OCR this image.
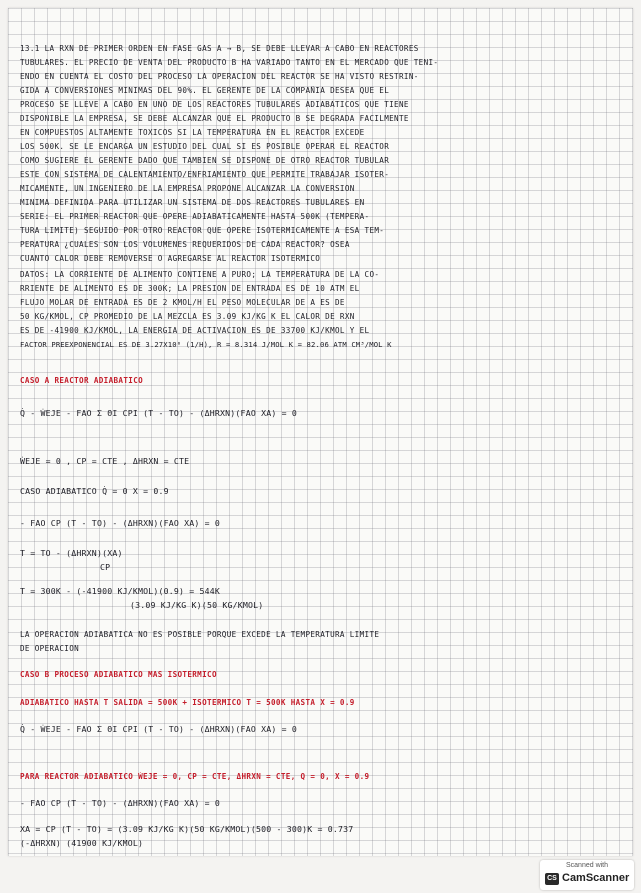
13.1 LA RXN DE PRIMER ORDEN EN FASE GAS A → B, SE DEBE LLEVAR A CABO EN REACTORES
TUBULARES. EL PRECIO DE VENTA DEL PRODUCTO B HA VARIADO TANTO EN EL MERCADO QUE TENI-
ENDO EN CUENTA EL COSTO DEL PROCESO LA OPERACION DEL REACTOR SE HA VISTO RESTRIN-
GIDA A CONVERSIONES MINIMAS DEL 90%. EL GERENTE DE LA COMPAÑIA DESEA QUE EL
PROCESO SE LLEVE A CABO EN UNO DE LOS REACTORES TUBULARES ADIABATICOS QUE TIENE
DISPONIBLE LA EMPRESA, SE DEBE ALCANZAR QUE EL PRODUCTO B SE DEGRADA FACILMENTE
EN COMPUESTOS ALTAMENTE TOXICOS SI LA TEMPERATURA EN EL REACTOR EXCEDE
LOS 500K. SE LE ENCARGA UN ESTUDIO DEL CUAL SI ES POSIBLE OPERAR EL REACTOR
COMO SUGIERE EL GERENTE DADO QUE TAMBIEN SE DISPONE DE OTRO REACTOR TUBULAR
ESTE CON SISTEMA DE CALENTAMIENTO/ENFRIAMIENTO QUE PERMITE TRABAJAR ISOTER-
MICAMENTE, UN INGENIERO DE LA EMPRESA PROPONE ALCANZAR LA CONVERSION
MINIMA DEFINIDA PARA UTILIZAR UN SISTEMA DE DOS REACTORES TUBULARES EN
SERIE: EL PRIMER REACTOR QUE OPERE ADIABATICAMENTE HASTA 500K (TEMPERA-
TURA LIMITE) SEGUIDO POR OTRO REACTOR QUE OPERE ISOTERMICAMENTE A ESA TEM-
PERATURA ¿CUALES SON LOS VOLUMENES REQUERIDOS DE CADA REACTOR? OSEA
CUANTO CALOR DEBE REMOVERSE O AGREGARSE AL REACTOR ISOTERMICO
DATOS: LA CORRIENTE DE ALIMENTO CONTIENE A PURO; LA TEMPERATURA DE LA CO-
RRIENTE DE ALIMENTO ES DE 300K; LA PRESION DE ENTRADA ES DE 10 ATM EL
FLUJO MOLAR DE ENTRADA ES DE 2 KMOL/H EL PESO MOLECULAR DE A ES DE
50 KG/KMOL, CP PROMEDIO DE LA MEZCLA ES 3.09 KJ/KG K EL CALOR DE RXN
ES DE -41900 KJ/KMOL, LA ENERGIA DE ACTIVACION ES DE 33700 KJ/KMOL Y EL
FACTOR PREEXPONENCIAL ES DE 3.27X10⁶ (1/H), R = 8.314 J/MOL K = 82.06 ATM CM³/MOL K
CASO A REACTOR ADIABATICO
Q̇ - ẆEJE - FAO Σ ΘI CPI (T - TO) - (ΔHRXN)(FAO XA) = 0
ẆEJE = 0 , CP = CTE , ΔHRXN = CTE
CASO ADIABATICO Q̇ = 0 X = 0.9
- FAO CP (T - TO) - (ΔHRXN)(FAO XA) = 0
T = TO - (ΔHRXN)(XA)
CP
T = 300K - (-41900 KJ/KMOL)(0.9) = 544K
(3.09 KJ/KG K)(50 KG/KMOL)
LA OPERACION ADIABATICA NO ES POSIBLE PORQUE EXCEDE LA TEMPERATURA LIMITE
DE OPERACION
CASO B PROCESO ADIABATICO MAS ISOTERMICO
ADIABATICO HASTA T SALIDA = 500K + ISOTERMICO T = 500K HASTA X = 0.9
Q̇ - ẆEJE - FAO Σ ΘI CPI (T - TO) - (ΔHRXN)(FAO XA) = 0
PARA REACTOR ADIABATICO ẆEJE = 0, CP = CTE, ΔHRXN = CTE, Q̇ = 0, X = 0.9
- FAO CP (T - TO) - (ΔHRXN)(FAO XA) = 0
XA = CP (T - TO) = (3.09 KJ/KG K)(50 KG/KMOL)(500 - 300)K = 0.737
(-ΔHRXN) (41900 KJ/KMOL)
Scanned with
CS CamScanner
